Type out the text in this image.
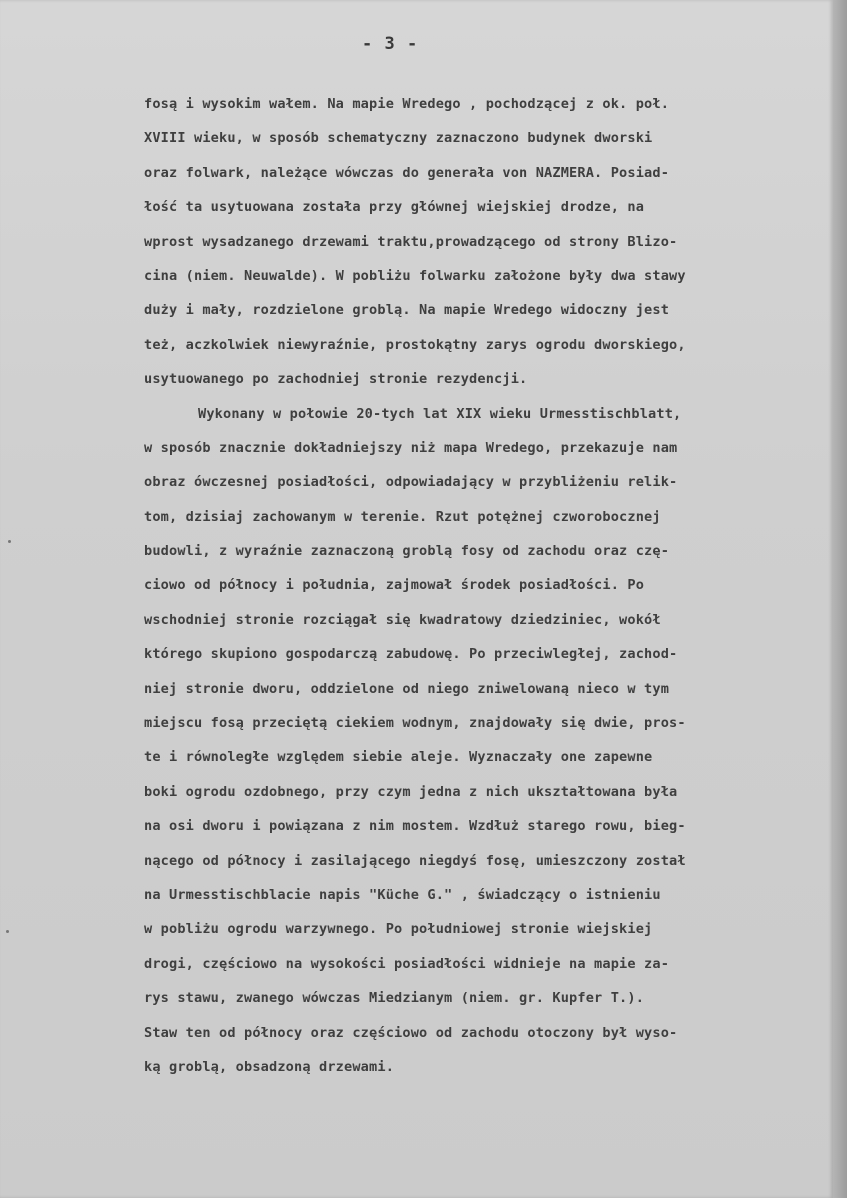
- 3 -
fosą i wysokim wałem. Na mapie Wredego , pochodzącej z ok. poł.
XVIII wieku, w sposób schematyczny zaznaczono budynek dworski
oraz folwark, należące wówczas do generała von NAZMERA. Posiad-
łość ta usytuowana została przy głównej wiejskiej drodze, na
wprost wysadzanego drzewami traktu,prowadzącego od strony Blizo-
cina (niem. Neuwalde). W pobliżu folwarku założone były dwa stawy
duży i mały, rozdzielone groblą. Na mapie Wredego widoczny jest
też, aczkolwiek niewyraźnie, prostokątny zarys ogrodu dworskiego,
usytuowanego po zachodniej stronie rezydencji.
Wykonany w połowie 20-tych lat XIX wieku Urmesstischblatt,
w sposób znacznie dokładniejszy niż mapa Wredego, przekazuje nam
obraz ówczesnej posiadłości, odpowiadający w przybliżeniu relik-
tom, dzisiaj zachowanym w terenie. Rzut potężnej czworobocznej
budowli, z wyraźnie zaznaczoną groblą fosy od zachodu oraz czę-
ciowo od północy i południa, zajmował środek posiadłości. Po
wschodniej stronie rozciągał się kwadratowy dziedziniec, wokół
którego skupiono gospodarczą zabudowę. Po przeciwległej, zachod-
niej stronie dworu, oddzielone od niego zniwelowaną nieco w tym
miejscu fosą przeciętą ciekiem wodnym, znajdowały się dwie, pros-
te i równoległe względem siebie aleje. Wyznaczały one zapewne
boki ogrodu ozdobnego, przy czym jedna z nich ukształtowana była
na osi dworu i powiązana z nim mostem. Wzdłuż starego rowu, bieg-
nącego od północy i zasilającego niegdyś fosę, umieszczony został
na Urmesstischblacie napis "Küche G." , świadczący o istnieniu
w pobliżu ogrodu warzywnego. Po południowej stronie wiejskiej
drogi, częściowo na wysokości posiadłości widnieje na mapie za-
rys stawu, zwanego wówczas Miedzianym (niem. gr. Kupfer T.).
Staw ten od północy oraz częściowo od zachodu otoczony był wyso-
ką groblą, obsadzoną drzewami.
